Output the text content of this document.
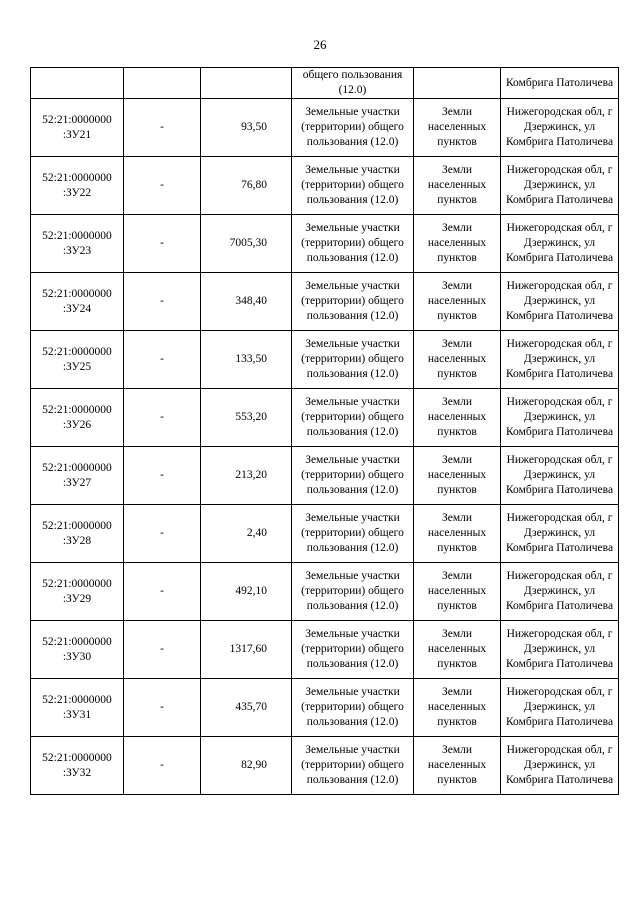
26
			общего пользования (12.0)		Комбрига Патоличева
52:21:0000000
:ЗУ21	-	93,50	Земельные участки (территории) общего пользования (12.0)	Земли населенных пунктов	Нижегородская обл, г Дзержинск, ул Комбрига Патоличева
52:21:0000000
:ЗУ22	-	76,80	Земельные участки (территории) общего пользования (12.0)	Земли населенных пунктов	Нижегородская обл, г Дзержинск, ул Комбрига Патоличева
52:21:0000000
:ЗУ23	-	7005,30	Земельные участки (территории) общего пользования (12.0)	Земли населенных пунктов	Нижегородская обл, г Дзержинск, ул Комбрига Патоличева
52:21:0000000
:ЗУ24	-	348,40	Земельные участки (территории) общего пользования (12.0)	Земли населенных пунктов	Нижегородская обл, г Дзержинск, ул Комбрига Патоличева
52:21:0000000
:ЗУ25	-	133,50	Земельные участки (территории) общего пользования (12.0)	Земли населенных пунктов	Нижегородская обл, г Дзержинск, ул Комбрига Патоличева
52:21:0000000
:ЗУ26	-	553,20	Земельные участки (территории) общего пользования (12.0)	Земли населенных пунктов	Нижегородская обл, г Дзержинск, ул Комбрига Патоличева
52:21:0000000
:ЗУ27	-	213,20	Земельные участки (территории) общего пользования (12.0)	Земли населенных пунктов	Нижегородская обл, г Дзержинск, ул Комбрига Патоличева
52:21:0000000
:ЗУ28	-	2,40	Земельные участки (территории) общего пользования (12.0)	Земли населенных пунктов	Нижегородская обл, г Дзержинск, ул Комбрига Патоличева
52:21:0000000
:ЗУ29	-	492,10	Земельные участки (территории) общего пользования (12.0)	Земли населенных пунктов	Нижегородская обл, г Дзержинск, ул Комбрига Патоличева
52:21:0000000
:ЗУ30	-	1317,60	Земельные участки (территории) общего пользования (12.0)	Земли населенных пунктов	Нижегородская обл, г Дзержинск, ул Комбрига Патоличева
52:21:0000000
:ЗУ31	-	435,70	Земельные участки (территории) общего пользования (12.0)	Земли населенных пунктов	Нижегородская обл, г Дзержинск, ул Комбрига Патоличева
52:21:0000000
:ЗУ32	-	82,90	Земельные участки (территории) общего пользования (12.0)	Земли населенных пунктов	Нижегородская обл, г Дзержинск, ул Комбрига Патоличева
